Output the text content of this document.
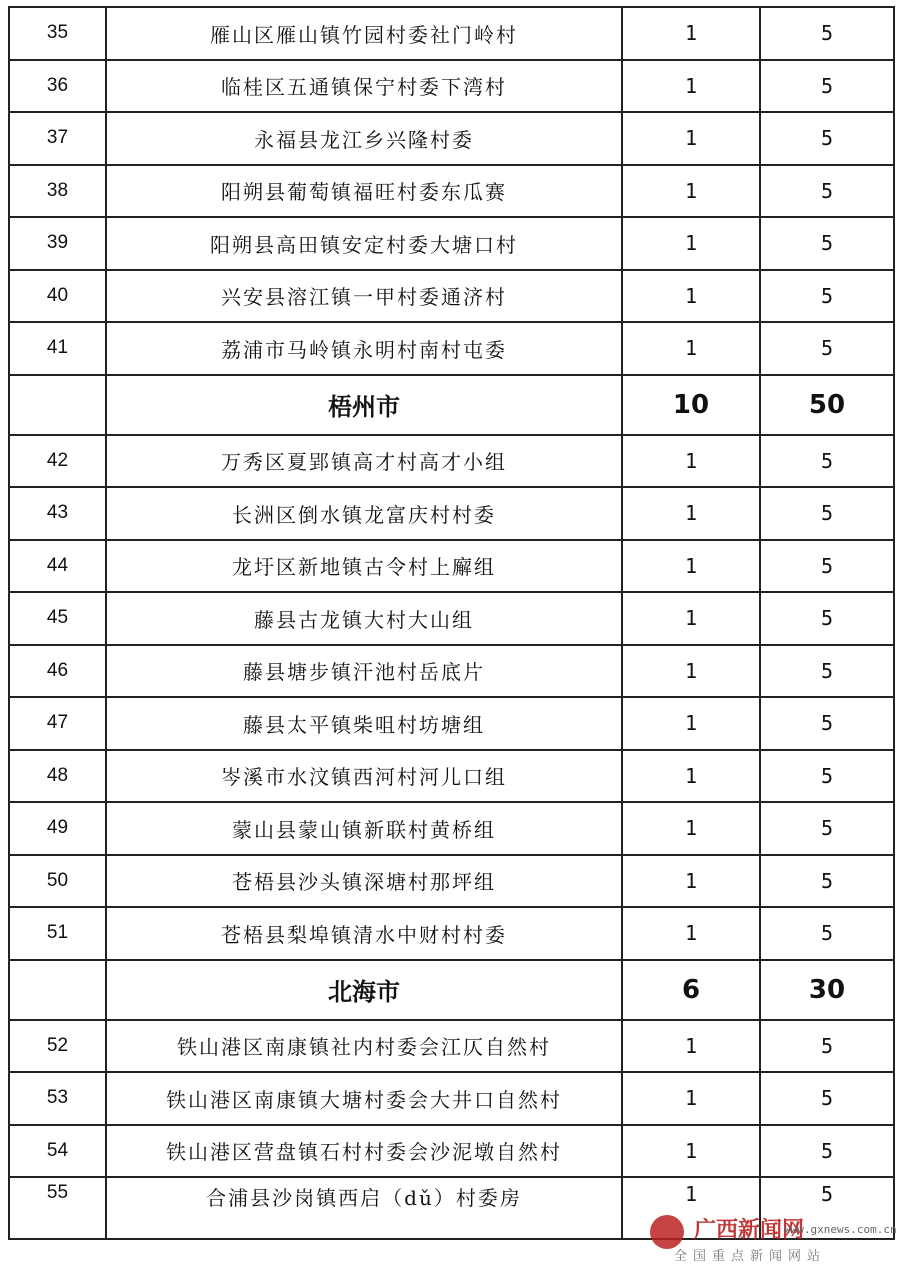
35	雁山区雁山镇竹园村委社门岭村	1	5
36	临桂区五通镇保宁村委下湾村	1	5
37	永福县龙江乡兴隆村委	1	5
38	阳朔县葡萄镇福旺村委东瓜赛	1	5
39	阳朔县高田镇安定村委大塘口村	1	5
40	兴安县溶江镇一甲村委通济村	1	5
41	荔浦市马岭镇永明村南村屯委	1	5
	梧州市	10	50
42	万秀区夏郢镇高才村高才小组	1	5
43	长洲区倒水镇龙富庆村村委	1	5
44	龙圩区新地镇古令村上廨组	1	5
45	藤县古龙镇大村大山组	1	5
46	藤县塘步镇汗池村岳底片	1	5
47	藤县太平镇柴咀村坊塘组	1	5
48	岑溪市水汶镇西河村河儿口组	1	5
49	蒙山县蒙山镇新联村黄桥组	1	5
50	苍梧县沙头镇深塘村那坪组	1	5
51	苍梧县梨埠镇清水中财村村委	1	5
	北海市	6	30
52	铁山港区南康镇社内村委会江仄自然村	1	5
53	铁山港区南康镇大塘村委会大井口自然村	1	5
54	铁山港区营盘镇石村村委会沙泥墩自然村	1	5
55	合浦县沙岗镇西启（dǔ）村委房	1	5
广西新闻网
www.gxnews.com.cn
全国重点新闻网站
